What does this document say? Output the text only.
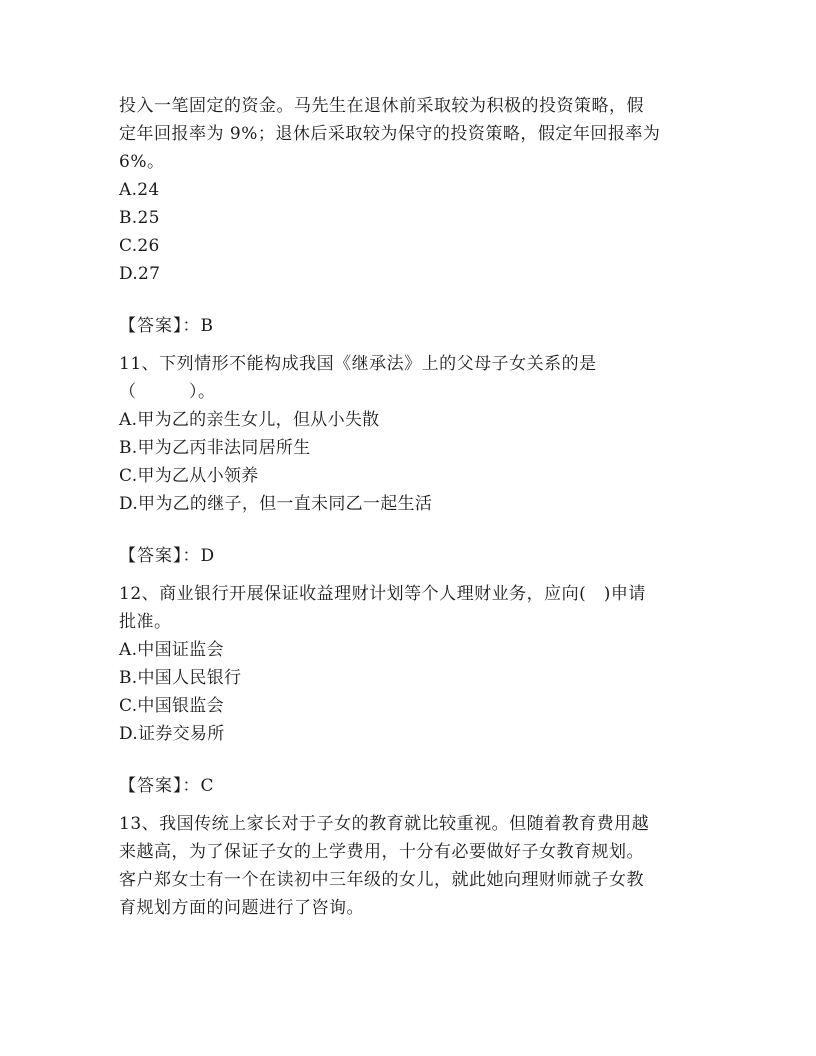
投入一笔固定的资金。马先生在退休前采取较为积极的投资策略，假
定年回报率为 9%；退休后采取较为保守的投资策略，假定年回报率为
6%。
A.24
B.25
C.26
D.27
【答案】：B
11、下列情形不能构成我国《继承法》上的父母子女关系的是
（　　　）。
A.甲为乙的亲生女儿，但从小失散
B.甲为乙丙非法同居所生
C.甲为乙从小领养
D.甲为乙的继子，但一直未同乙一起生活
【答案】：D
12、商业银行开展保证收益理财计划等个人理财业务，应向(　)申请
批准。
A.中国证监会
B.中国人民银行
C.中国银监会
D.证券交易所
【答案】：C
13、我国传统上家长对于子女的教育就比较重视。但随着教育费用越
来越高，为了保证子女的上学费用，十分有必要做好子女教育规划。
客户郑女士有一个在读初中三年级的女儿，就此她向理财师就子女教
育规划方面的问题进行了咨询。
